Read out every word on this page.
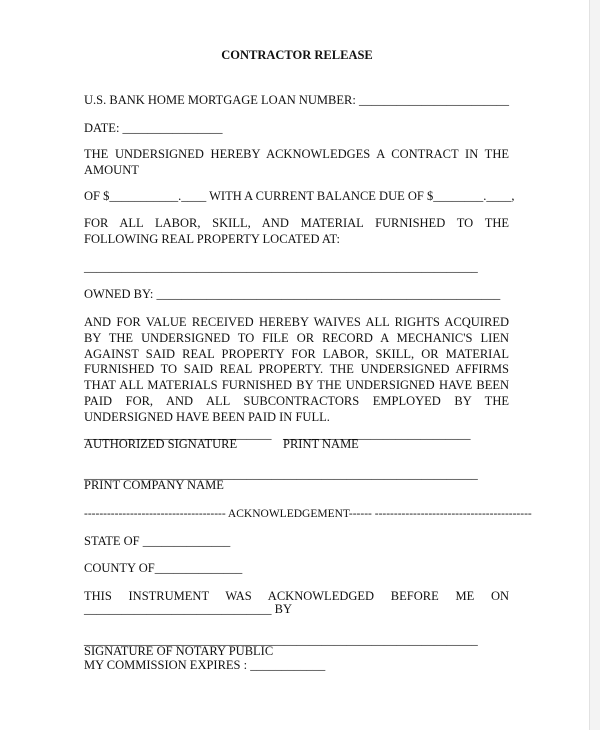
CONTRACTOR RELEASE
U.S. BANK HOME MORTGAGE LOAN NUMBER: ________________________
DATE: ________________

THE UNDERSIGNED HEREBY ACKNOWLEDGES A CONTRACT IN THE AMOUNT

OF $___________.____ WITH A CURRENT BALANCE DUE OF $________.____,

FOR ALL LABOR, SKILL, AND MATERIAL FURNISHED TO THE FOLLOWING REAL PROPERTY LOCATED AT:

_______________________________________________________________
OWNED BY: _______________________________________________________

AND FOR VALUE RECEIVED HEREBY WAIVES ALL RIGHTS ACQUIRED BY THE UNDERSIGNED TO FILE OR RECORD A MECHANIC'S LIEN AGAINST SAID REAL PROPERTY FOR LABOR, SKILL, OR MATERIAL FURNISHED TO SAID REAL PROPERTY. THE UNDERSIGNED AFFIRMS THAT ALL MATERIALS FURNISHED BY THE UNDERSIGNED HAVE BEEN PAID FOR, AND ALL SUBCONTRACTORS EMPLOYED BY THE UNDERSIGNED HAVE BEEN PAID IN FULL.

______________________________ ______________________________
AUTHORIZED SIGNATURE	PRINT NAME
_______________________________________________________________
PRINT COMPANY NAME
------------------------------------- ACKNOWLEDGEMENT------ -----------------------------------------
STATE OF ______________
COUNTY OF______________
THIS INSTRUMENT WAS ACKNOWLEDGED BEFORE ME ON
______________________________ BY
_______________________________________________________________
SIGNATURE OF NOTARY PUBLIC
MY COMMISSION EXPIRES : ____________
